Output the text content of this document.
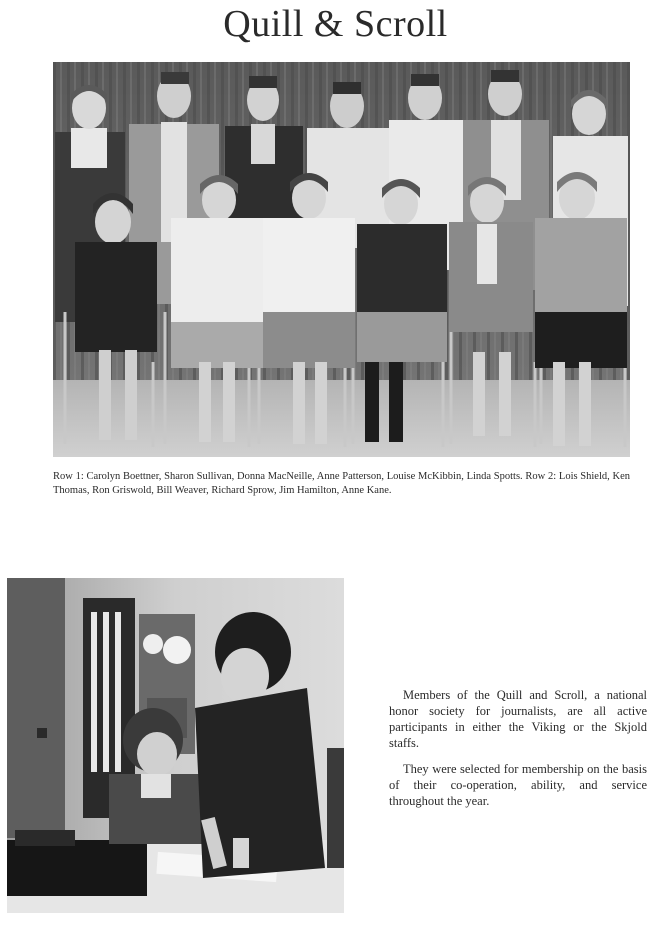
Quill & Scroll

Row 1: Carolyn Boettner, Sharon Sullivan, Donna MacNeille, Anne Patterson, Louise McKibbin, Linda Spotts. Row 2: Lois Shield, Ken Thomas, Ron Griswold, Bill Weaver, Richard Sprow, Jim Hamilton, Anne Kane.

Members of the Quill and Scroll, a national honor society for journalists, are all active participants in either the Viking or the Skjold staffs.

They were selected for membership on the basis of their co-operation, ability, and service throughout the year.
